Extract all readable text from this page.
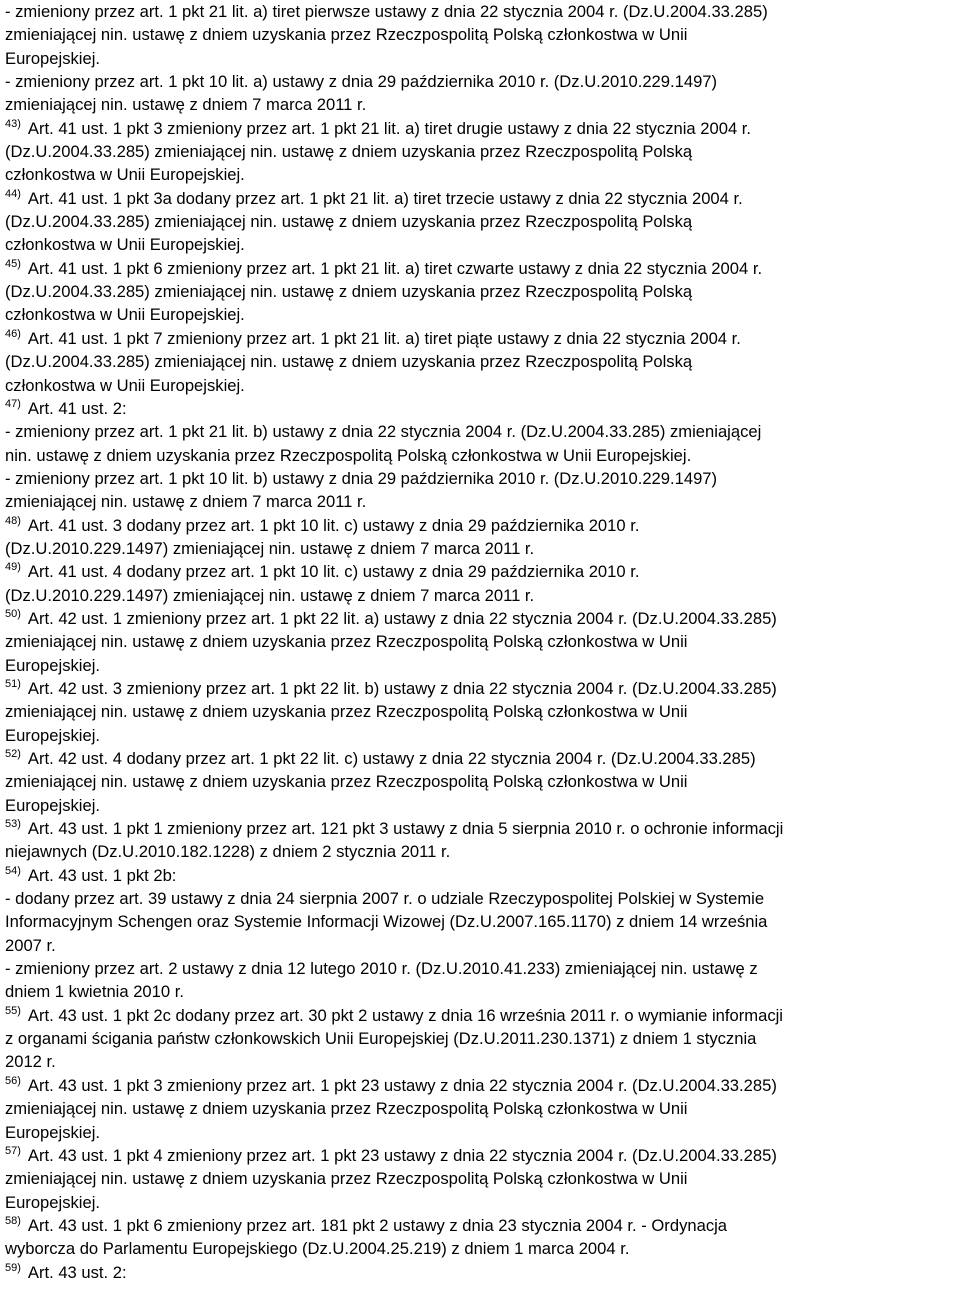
- zmieniony przez art. 1 pkt 21 lit. a) tiret pierwsze ustawy z dnia 22 stycznia 2004 r. (Dz.U.2004.33.285)
zmieniającej nin. ustawę z dniem uzyskania przez Rzeczpospolitą Polską członkostwa w Unii
Europejskiej.
- zmieniony przez art. 1 pkt 10 lit. a) ustawy z dnia 29 października 2010 r. (Dz.U.2010.229.1497)
zmieniającej nin. ustawę z dniem 7 marca 2011 r.
43) Art. 41 ust. 1 pkt 3 zmieniony przez art. 1 pkt 21 lit. a) tiret drugie ustawy z dnia 22 stycznia 2004 r.
(Dz.U.2004.33.285) zmieniającej nin. ustawę z dniem uzyskania przez Rzeczpospolitą Polską
członkostwa w Unii Europejskiej.
44) Art. 41 ust. 1 pkt 3a dodany przez art. 1 pkt 21 lit. a) tiret trzecie ustawy z dnia 22 stycznia 2004 r.
(Dz.U.2004.33.285) zmieniającej nin. ustawę z dniem uzyskania przez Rzeczpospolitą Polską
członkostwa w Unii Europejskiej.
45) Art. 41 ust. 1 pkt 6 zmieniony przez art. 1 pkt 21 lit. a) tiret czwarte ustawy z dnia 22 stycznia 2004 r.
(Dz.U.2004.33.285) zmieniającej nin. ustawę z dniem uzyskania przez Rzeczpospolitą Polską
członkostwa w Unii Europejskiej.
46) Art. 41 ust. 1 pkt 7 zmieniony przez art. 1 pkt 21 lit. a) tiret piąte ustawy z dnia 22 stycznia 2004 r.
(Dz.U.2004.33.285) zmieniającej nin. ustawę z dniem uzyskania przez Rzeczpospolitą Polską
członkostwa w Unii Europejskiej.
47) Art. 41 ust. 2:
- zmieniony przez art. 1 pkt 21 lit. b) ustawy z dnia 22 stycznia 2004 r. (Dz.U.2004.33.285) zmieniającej
nin. ustawę z dniem uzyskania przez Rzeczpospolitą Polską członkostwa w Unii Europejskiej.
- zmieniony przez art. 1 pkt 10 lit. b) ustawy z dnia 29 października 2010 r. (Dz.U.2010.229.1497)
zmieniającej nin. ustawę z dniem 7 marca 2011 r.
48) Art. 41 ust. 3 dodany przez art. 1 pkt 10 lit. c) ustawy z dnia 29 października 2010 r.
(Dz.U.2010.229.1497) zmieniającej nin. ustawę z dniem 7 marca 2011 r.
49) Art. 41 ust. 4 dodany przez art. 1 pkt 10 lit. c) ustawy z dnia 29 października 2010 r.
(Dz.U.2010.229.1497) zmieniającej nin. ustawę z dniem 7 marca 2011 r.
50) Art. 42 ust. 1 zmieniony przez art. 1 pkt 22 lit. a) ustawy z dnia 22 stycznia 2004 r. (Dz.U.2004.33.285)
zmieniającej nin. ustawę z dniem uzyskania przez Rzeczpospolitą Polską członkostwa w Unii
Europejskiej.
51) Art. 42 ust. 3 zmieniony przez art. 1 pkt 22 lit. b) ustawy z dnia 22 stycznia 2004 r. (Dz.U.2004.33.285)
zmieniającej nin. ustawę z dniem uzyskania przez Rzeczpospolitą Polską członkostwa w Unii
Europejskiej.
52) Art. 42 ust. 4 dodany przez art. 1 pkt 22 lit. c) ustawy z dnia 22 stycznia 2004 r. (Dz.U.2004.33.285)
zmieniającej nin. ustawę z dniem uzyskania przez Rzeczpospolitą Polską członkostwa w Unii
Europejskiej.
53) Art. 43 ust. 1 pkt 1 zmieniony przez art. 121 pkt 3 ustawy z dnia 5 sierpnia 2010 r. o ochronie informacji
niejawnych (Dz.U.2010.182.1228) z dniem 2 stycznia 2011 r.
54) Art. 43 ust. 1 pkt 2b:
- dodany przez art. 39 ustawy z dnia 24 sierpnia 2007 r. o udziale Rzeczypospolitej Polskiej w Systemie
Informacyjnym Schengen oraz Systemie Informacji Wizowej (Dz.U.2007.165.1170) z dniem 14 września
2007 r.
- zmieniony przez art. 2 ustawy z dnia 12 lutego 2010 r. (Dz.U.2010.41.233) zmieniającej nin. ustawę z
dniem 1 kwietnia 2010 r.
55) Art. 43 ust. 1 pkt 2c dodany przez art. 30 pkt 2 ustawy z dnia 16 września 2011 r. o wymianie informacji
z organami ścigania państw członkowskich Unii Europejskiej (Dz.U.2011.230.1371) z dniem 1 stycznia
2012 r.
56) Art. 43 ust. 1 pkt 3 zmieniony przez art. 1 pkt 23 ustawy z dnia 22 stycznia 2004 r. (Dz.U.2004.33.285)
zmieniającej nin. ustawę z dniem uzyskania przez Rzeczpospolitą Polską członkostwa w Unii
Europejskiej.
57) Art. 43 ust. 1 pkt 4 zmieniony przez art. 1 pkt 23 ustawy z dnia 22 stycznia 2004 r. (Dz.U.2004.33.285)
zmieniającej nin. ustawę z dniem uzyskania przez Rzeczpospolitą Polską członkostwa w Unii
Europejskiej.
58) Art. 43 ust. 1 pkt 6 zmieniony przez art. 181 pkt 2 ustawy z dnia 23 stycznia 2004 r. - Ordynacja
wyborcza do Parlamentu Europejskiego (Dz.U.2004.25.219) z dniem 1 marca 2004 r.
59) Art. 43 ust. 2:
